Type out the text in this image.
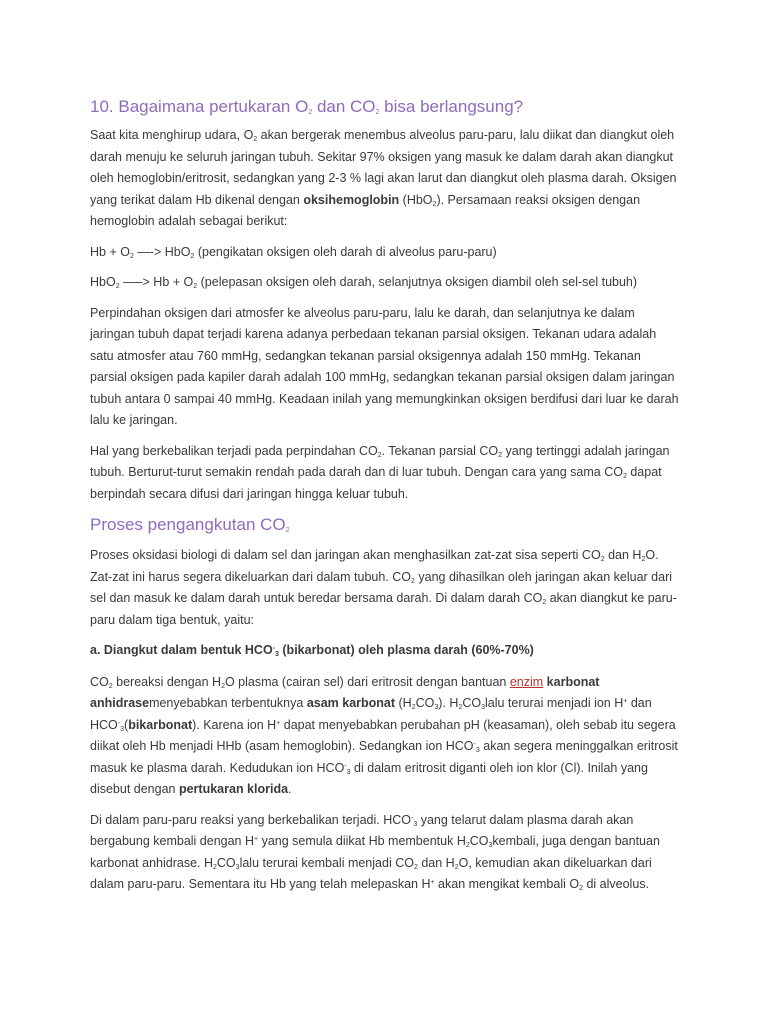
10. Bagaimana pertukaran $O_2$ dan $CO_2$ bisa berlangsung?

Saat kita menghirup udara, $O_2$ akan bergerak menembus alveolus paru-paru, lalu diikat dan diangkut oleh darah menuju ke seluruh jaringan tubuh. Sekitar 97% oksigen yang masuk ke dalam darah akan diangkut oleh hemoglobin/eritrosit, sedangkan yang 2-3 % lagi akan larut dan diangkut oleh plasma darah. Oksigen yang terikat dalam Hb dikenal dengan oksihemoglobin (HbO$_2$). Persamaan reaksi oksigen dengan hemoglobin adalah sebagai berikut:

$Hb + O_2$ —-> HbO$_2$ (pengikatan oksigen oleh darah di alveolus paru-paru)

HbO$_2$ —–> $Hb + O_2$ (pelepasan oksigen oleh darah, selanjutnya oksigen diambil oleh sel-sel tubuh)

Perpindahan oksigen dari atmosfer ke alveolus paru-paru, lalu ke darah, dan selanjutnya ke dalam jaringan tubuh dapat terjadi karena adanya perbedaan tekanan parsial oksigen. Tekanan udara adalah satu atmosfer atau 760 mmHg, sedangkan tekanan parsial oksigennya adalah 150 mmHg. Tekanan parsial oksigen pada kapiler darah adalah 100 mmHg, sedangkan tekanan parsial oksigen dalam jaringan tubuh antara 0 sampai 40 mmHg. Keadaan inilah yang memungkinkan oksigen berdifusi dari luar ke darah lalu ke jaringan.

Hal yang berkebalikan terjadi pada perpindahan $CO_2$. Tekanan parsial $CO_2$ yang tertinggi adalah jaringan tubuh. Berturut-turut semakin rendah pada darah dan di luar tubuh. Dengan cara yang sama $CO_2$ dapat berpindah secara difusi dari jaringan hingga keluar tubuh.

Proses pengangkutan $CO_2$

Proses oksidasi biologi di dalam sel dan jaringan akan menghasilkan zat-zat sisa seperti $CO_2$ dan $H_2O$. Zat-zat ini harus segera dikeluarkan dari dalam tubuh. $CO_2$ yang dihasilkan oleh jaringan akan keluar dari sel dan masuk ke dalam darah untuk beredar bersama darah. Di dalam darah $CO_2$ akan diangkut ke paru-paru dalam tiga bentuk, yaitu:

a. Diangkut dalam bentuk $HCO^-_3$ (bikarbonat) oleh plasma darah (60%-70%)

$CO_2$ bereaksi dengan $H_2O$ plasma (cairan sel) dari eritrosit dengan bantuan enzim karbonat anhidrasemenyebabkan terbentuknya asam karbonat $(H_2CO_3)$. $H_2CO_3lalu$ terurai menjadi ion H+ dan $HCO^-_3(bikarbonat)$. Karena ion H+ dapat menyebabkan perubahan pH (keasaman), oleh sebab itu segera diikat oleh Hb menjadi HHb (asam hemoglobin). Sedangkan ion $HCO^-_3$ akan segera meninggalkan eritrosit masuk ke plasma darah. Kedudukan ion $HCO^-_3$ di dalam eritrosit diganti oleh ion klor (Cl). Inilah yang disebut dengan pertukaran klorida.

Di dalam paru-paru reaksi yang berkebalikan terjadi. $HCO^-_3$ yang telarut dalam plasma darah akan bergabung kembali dengan H+ yang semula diikat Hb membentuk $H_2CO_3kembali$, juga dengan bantuan karbonat anhidrase. $H_2CO_3lalu$ terurai kembali menjadi $CO_2$ dan $H_2O$, kemudian akan dikeluarkan dari dalam paru-paru. Sementara itu Hb yang telah melepaskan H+ akan mengikat kembali $O_2$ di alveolus.
